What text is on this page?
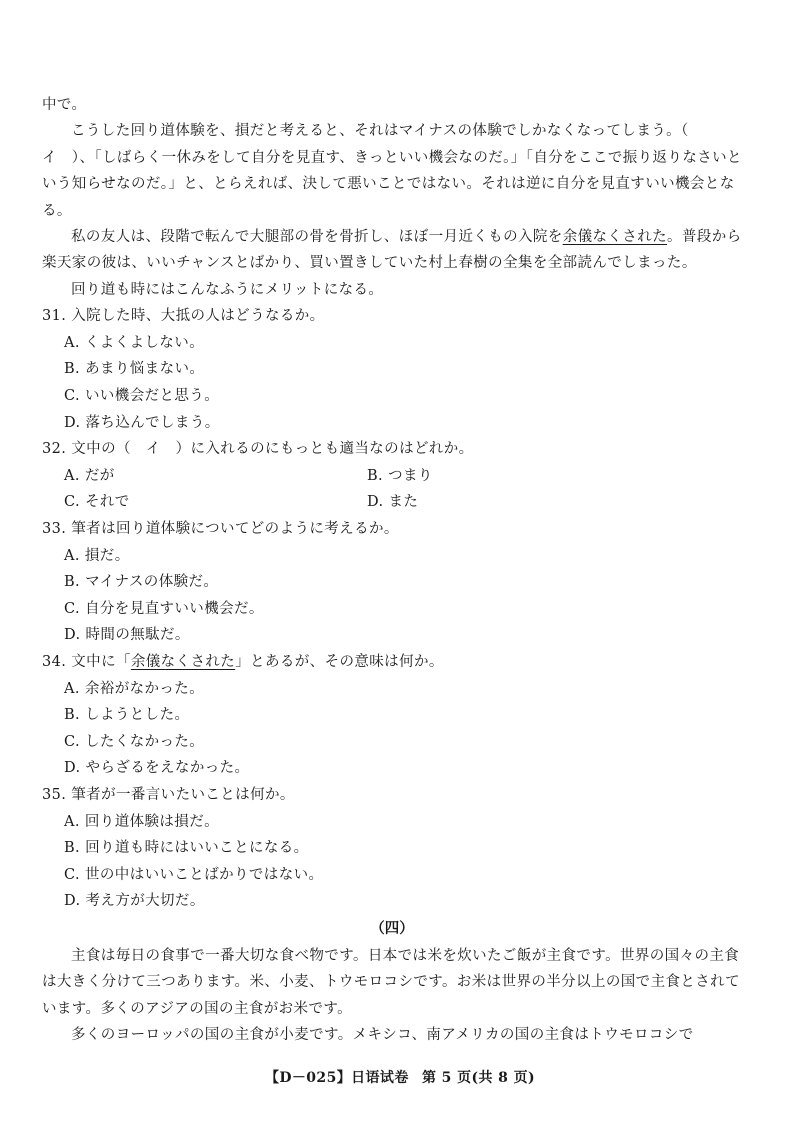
中で。

こうした回り道体験を、損だと考えると、それはマイナスの体験でしかなくなってしまう。（　イ　）、「しばらく一休みをして自分を見直す、きっといい機会なのだ。」「自分をここで振り返りなさいという知らせなのだ。」と、とらえれば、決して悪いことではない。それは逆に自分を見直すいい機会となる。

私の友人は、段階で転んで大腿部の骨を骨折し、ほぼ一月近くもの入院を余儀なくされた。普段から楽天家の彼は、いいチャンスとばかり、買い置きしていた村上春樹の全集を全部読んでしまった。

回り道も時にはこんなふうにメリットになる。

31. 入院した時、大抵の人はどうなるか。

A. くよくよしない。

B. あまり悩まない。

C. いい機会だと思う。

D. 落ち込んでしまう。

32. 文中の（　イ　）に入れるのにもっとも適当なのはどれか。

A. だが	B. つまり
C. それで	D. また

33. 筆者は回り道体験についてどのように考えるか。

A. 損だ。

B. マイナスの体験だ。

C. 自分を見直すいい機会だ。

D. 時間の無駄だ。

34. 文中に「余儀なくされた」とあるが、その意味は何か。

A. 余裕がなかった。

B. しようとした。

C. したくなかった。

D. やらざるをえなかった。

35. 筆者が一番言いたいことは何か。

A. 回り道体験は損だ。

B. 回り道も時にはいいことになる。

C. 世の中はいいことばかりではない。

D. 考え方が大切だ。

（四）

主食は毎日の食事で一番大切な食べ物です。日本では米を炊いたご飯が主食です。世界の国々の主食は大きく分けて三つあります。米、小麦、トウモロコシです。お米は世界の半分以上の国で主食とされています。多くのアジアの国の主食がお米です。

多くのヨーロッパの国の主食が小麦です。メキシコ、南アメリカの国の主食はトウモロコシで

【D－025】日语试卷 第 5 页(共 8 页)
